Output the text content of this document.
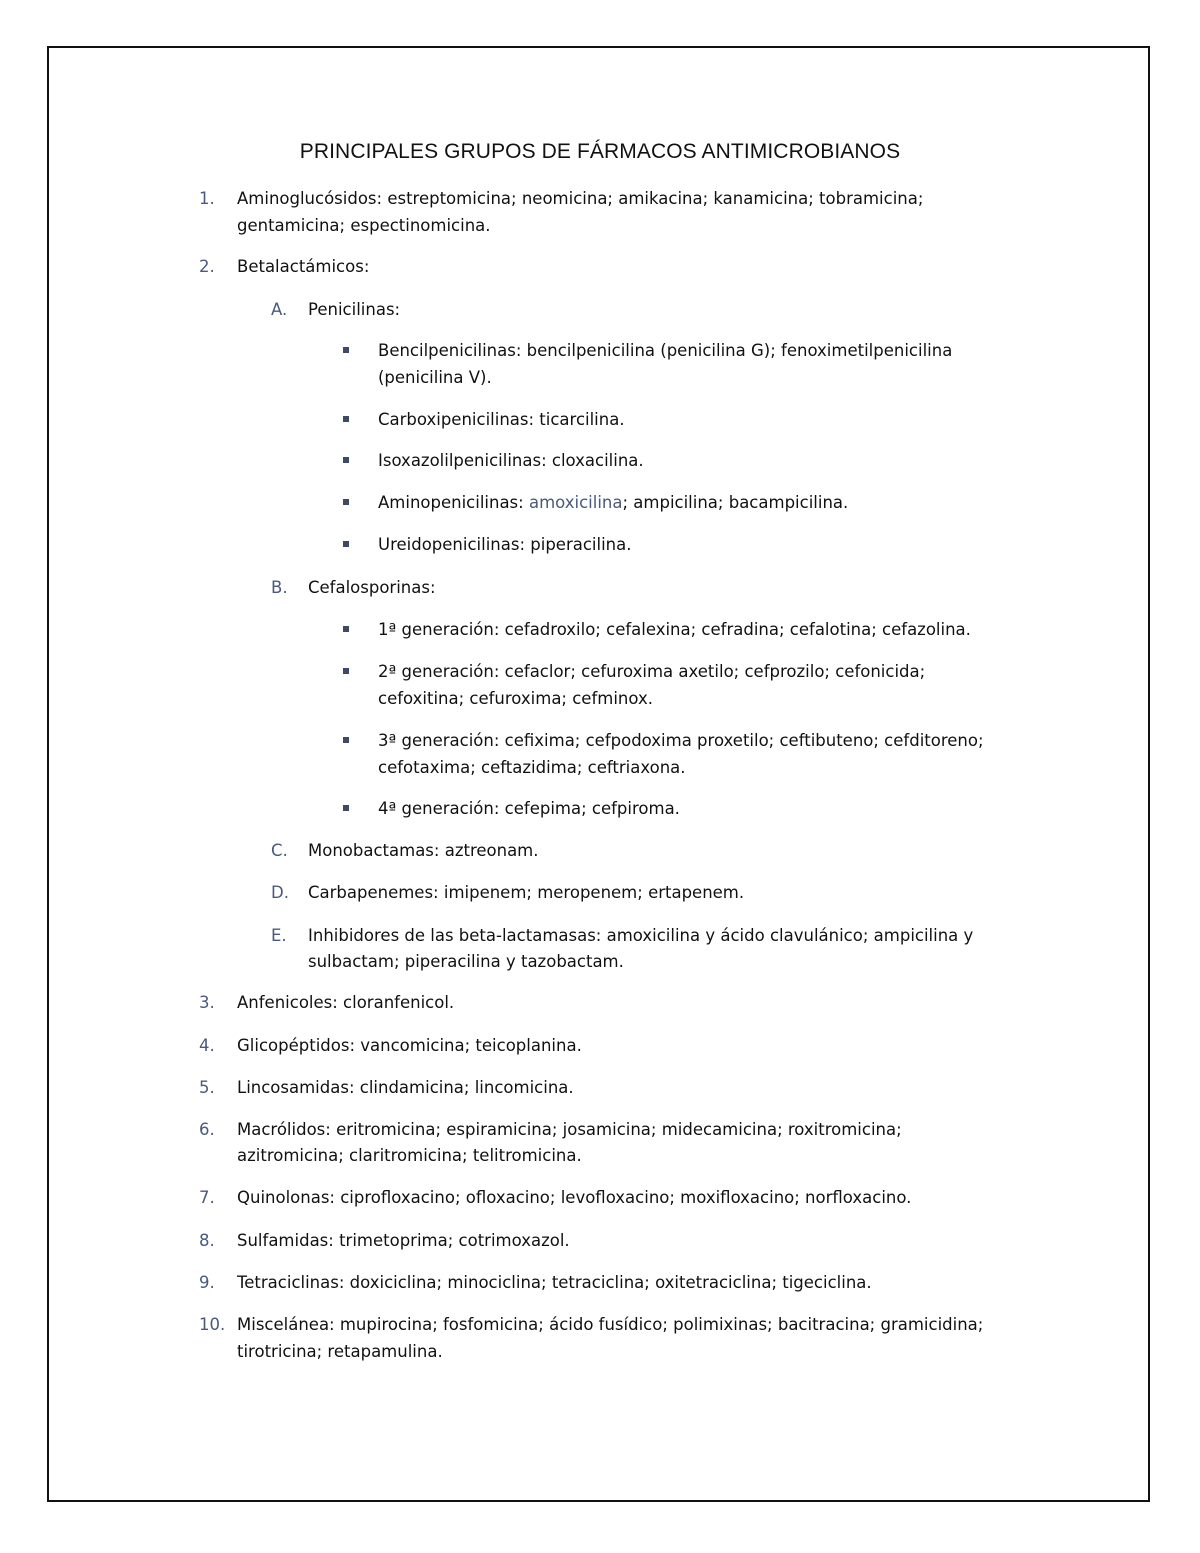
PRINCIPALES GRUPOS DE FÁRMACOS ANTIMICROBIANOS
1. Aminoglucósidos: estreptomicina; neomicina; amikacina; kanamicina; tobramicina;
gentamicina; espectinomicina.
2. Betalactámicos:
A. Penicilinas:
Bencilpenicilinas: bencilpenicilina (penicilina G); fenoximetilpenicilina
(penicilina V).
Carboxipenicilinas: ticarcilina.
Isoxazolilpenicilinas: cloxacilina.
Aminopenicilinas: amoxicilina; ampicilina; bacampicilina.
Ureidopenicilinas: piperacilina.
B. Cefalosporinas:
1ª generación: cefadroxilo; cefalexina; cefradina; cefalotina; cefazolina.
2ª generación: cefaclor; cefuroxima axetilo; cefprozilo; cefonicida;
cefoxitina; cefuroxima; cefminox.
3ª generación: cefixima; cefpodoxima proxetilo; ceftibuteno; cefditoreno;
cefotaxima; ceftazidima; ceftriaxona.
4ª generación: cefepima; cefpiroma.
C. Monobactamas: aztreonam.
D. Carbapenemes: imipenem; meropenem; ertapenem.
E. Inhibidores de las beta-lactamasas: amoxicilina y ácido clavulánico; ampicilina y
sulbactam; piperacilina y tazobactam.
3. Anfenicoles: cloranfenicol.
4. Glicopéptidos: vancomicina; teicoplanina.
5. Lincosamidas: clindamicina; lincomicina.
6. Macrólidos: eritromicina; espiramicina; josamicina; midecamicina; roxitromicina;
azitromicina; claritromicina; telitromicina.
7. Quinolonas: ciprofloxacino; ofloxacino; levofloxacino; moxifloxacino; norfloxacino.
8. Sulfamidas: trimetoprima; cotrimoxazol.
9. Tetraciclinas: doxiciclina; minociclina; tetraciclina; oxitetraciclina; tigeciclina.
10. Miscelánea: mupirocina; fosfomicina; ácido fusídico; polimixinas; bacitracina; gramicidina;
tirotricina; retapamulina.
